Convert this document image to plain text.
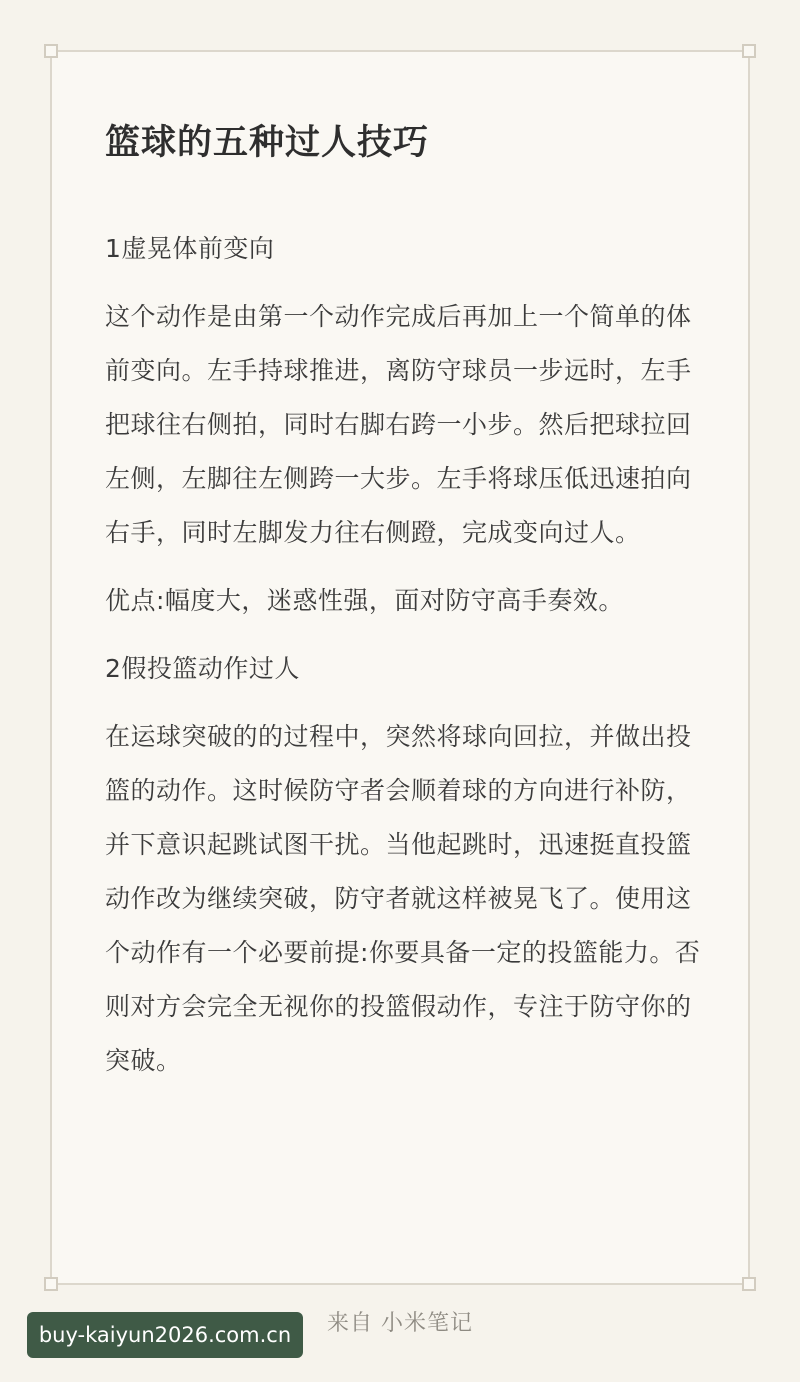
篮球的五种过人技巧

1虚晃体前变向

这个动作是由第一个动作完成后再加上一个简单的体前变向。左手持球推进，离防守球员一步远时，左手把球往右侧拍，同时右脚右跨一小步。然后把球拉回左侧，左脚往左侧跨一大步。左手将球压低迅速拍向右手，同时左脚发力往右侧蹬，完成变向过人。

优点:幅度大，迷惑性强，面对防守高手奏效。

2假投篮动作过人

在运球突破的的过程中，突然将球向回拉，并做出投篮的动作。这时候防守者会顺着球的方向进行补防，并下意识起跳试图干扰。当他起跳时，迅速挺直投篮动作改为继续突破，防守者就这样被晃飞了。使用这个动作有一个必要前提:你要具备一定的投篮能力。否则对方会完全无视你的投篮假动作，专注于防守你的突破。

来自 小米笔记
buy-kaiyun2026.com.cn
